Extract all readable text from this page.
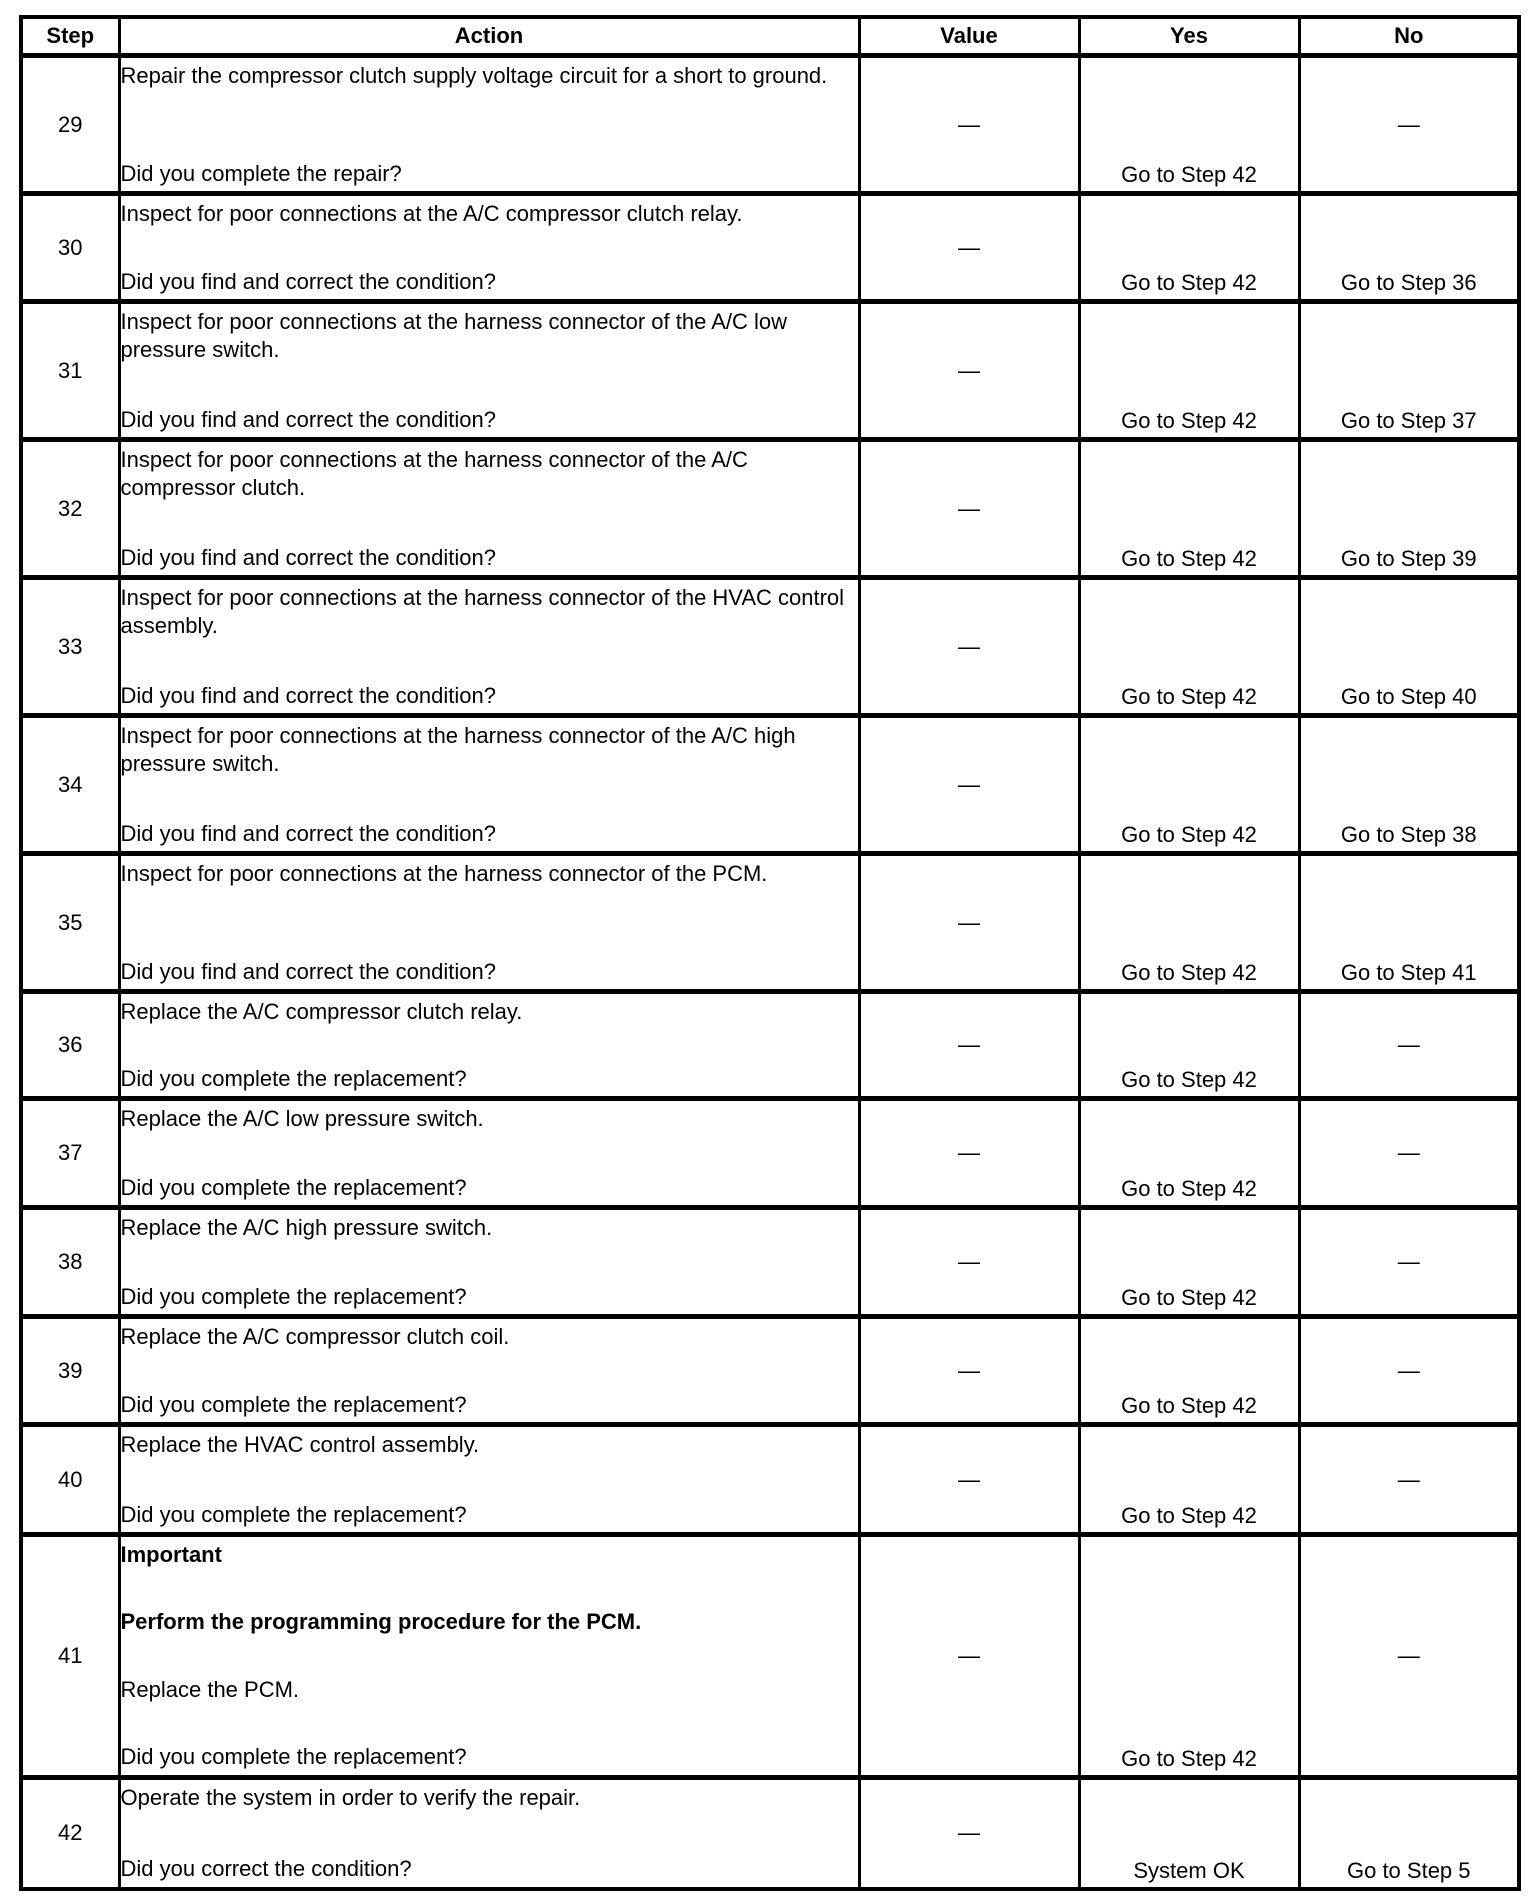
Step	Action	Value	Yes	No
29	Repair the compressor clutch supply voltage circuit for a short to ground.

Did you complete the repair?	—	Go to Step 42	—
30	Inspect for poor connections at the A/C compressor clutch relay.

Did you find and correct the condition?	—	Go to Step 42	Go to Step 36

31	Inspect for poor connections at the harness connector of the A/C low pressure switch.

Did you find and correct the condition?	—	Go to Step 42	Go to Step 37

32	Inspect for poor connections at the harness connector of the A/C compressor clutch.

Did you find and correct the condition?	—	Go to Step 42	Go to Step 39

33	Inspect for poor connections at the harness connector of the HVAC control assembly.

Did you find and correct the condition?	—	Go to Step 42	Go to Step 40

34	Inspect for poor connections at the harness connector of the A/C high pressure switch.

Did you find and correct the condition?	—	Go to Step 42	Go to Step 38

35	Inspect for poor connections at the harness connector of the PCM.

Did you find and correct the condition?	—	Go to Step 42	Go to Step 41

36	Replace the A/C compressor clutch relay.

Did you complete the replacement?	—	Go to Step 42	—
37	Replace the A/C low pressure switch.

Did you complete the replacement?	—	Go to Step 42	—
38	Replace the A/C high pressure switch.

Did you complete the replacement?	—	Go to Step 42	—
39	Replace the A/C compressor clutch coil.

Did you complete the replacement?	—	Go to Step 42	—
40	Replace the HVAC control assembly.

Did you complete the replacement?	—	Go to Step 42	—
41	Important

Perform the programming procedure for the PCM.

Replace the PCM.

Did you complete the replacement?	—	Go to Step 42	—
42	Operate the system in order to verify the repair.

Did you correct the condition?	—	System OK	Go to Step 5
